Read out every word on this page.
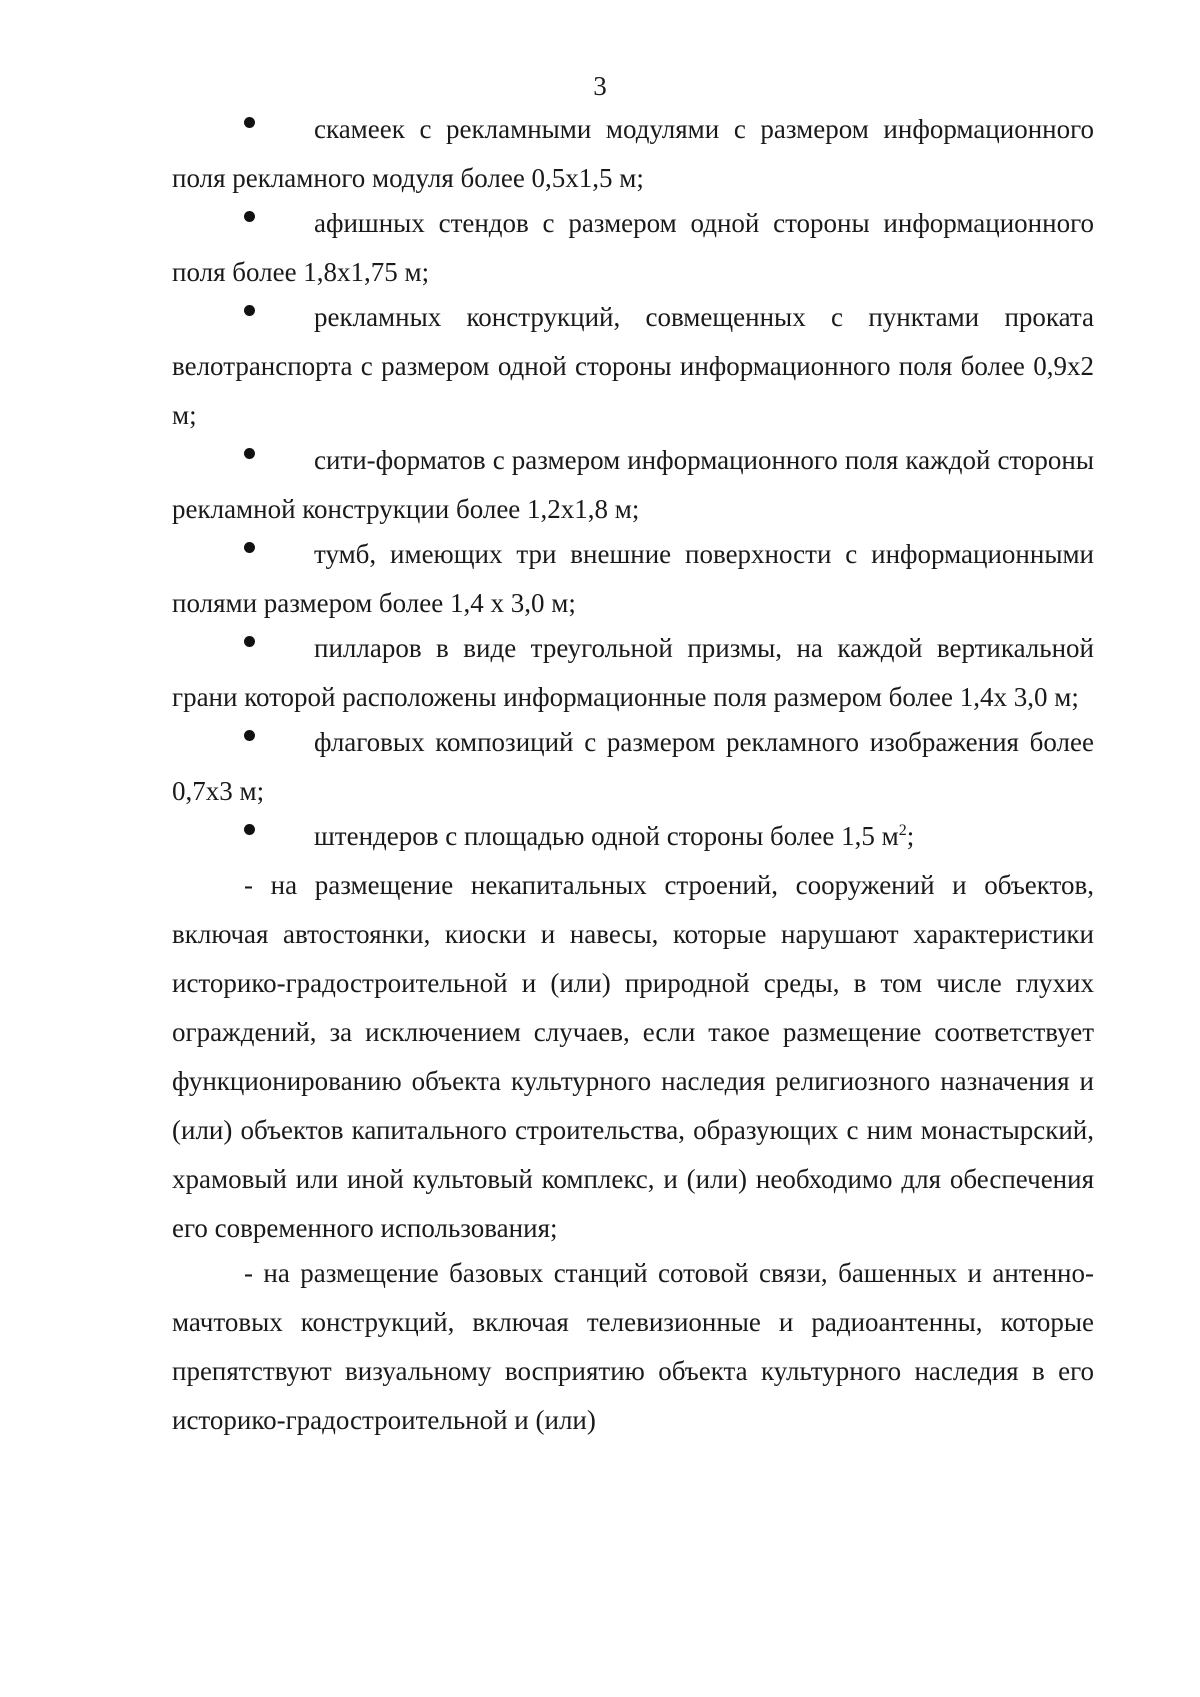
3

скамеек с рекламными модулями с размером информационного поля рекламного модуля более 0,5х1,5 м;

афишных стендов с размером одной стороны информационного поля более 1,8х1,75 м;

рекламных конструкций, совмещенных с пунктами проката велотранспорта с размером одной стороны информационного поля более 0,9х2 м;

сити-форматов с размером информационного поля каждой стороны рекламной конструкции более 1,2х1,8 м;

тумб, имеющих три внешние поверхности с информационными полями размером более 1,4 х 3,0 м;

пилларов в виде треугольной призмы, на каждой вертикальной грани которой расположены информационные поля размером более 1,4х 3,0 м;

флаговых композиций с размером рекламного изображения более 0,7х3 м;

штендеров с площадью одной стороны более 1,5 $м^2$;

- на размещение некапитальных строений, сооружений и объектов, включая автостоянки, киоски и навесы, которые нарушают характеристики историко-градостроительной и (или) природной среды, в том числе глухих ограждений, за исключением случаев, если такое размещение соответствует функционированию объекта культурного наследия религиозного назначения и (или) объектов капитального строительства, образующих с ним монастырский, храмовый или иной культовый комплекс, и (или) необходимо для обеспечения его современного использования;

- на размещение базовых станций сотовой связи, башенных и антенно-мачтовых конструкций, включая телевизионные и радиоантенны, которые препятствуют визуальному восприятию объекта культурного наследия в его историко-градостроительной и (или)
